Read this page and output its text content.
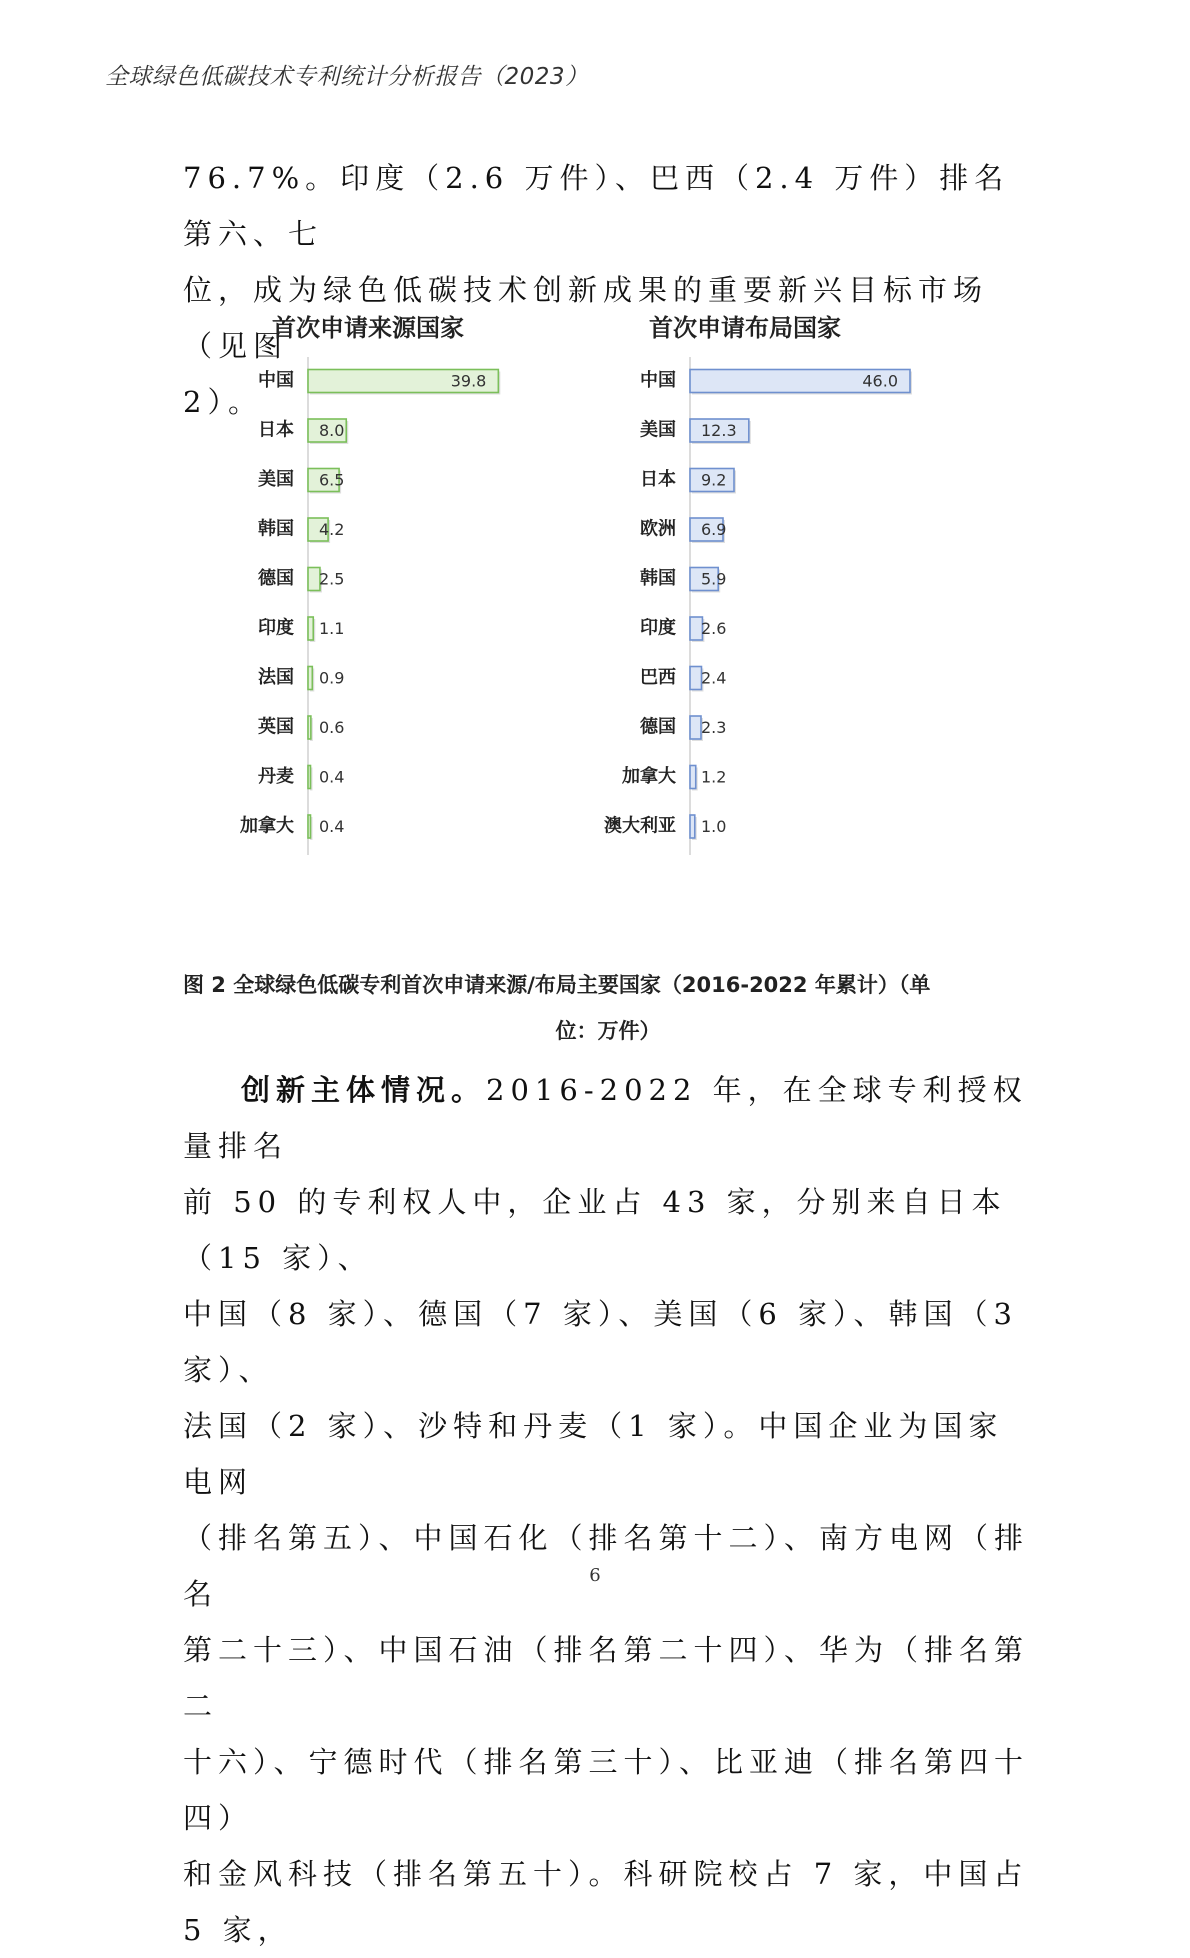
全球绿色低碳技术专利统计分析报告（2023）

76.7%。印度（2.6 万件）、巴西（2.4 万件）排名第六、七

位，成为绿色低碳技术创新成果的重要新兴目标市场（见图

2）。

首次申请来源国家
中国	39.8
日本 8.0
美国 6.5
韩国 4.2
德国 2.5
印度 1.1
法国 0.9
英国 0.6
丹麦 0.4
加拿大 0.4
首次申请布局国家
中国	46.0
美国 12.3
日本 9.2
欧洲 6.9
韩国 5.9
印度 2.6
巴西 2.4
德国 2.3
加拿大 1.2
澳大利亚 1.0
图 2 全球绿色低碳专利首次申请来源/布局主要国家（2016-2022 年累计）（单
位：万件）

创新主体情况。2016-2022 年，在全球专利授权量排名

前 50 的专利权人中，企业占 43 家，分别来自日本（15 家）、

中国（8 家）、德国（7 家）、美国（6 家）、韩国（3 家）、

法国（2 家）、沙特和丹麦（1 家）。中国企业为国家电网

（排名第五）、中国石化（排名第十二）、南方电网（排名

第二十三）、中国石油（排名第二十四）、华为（排名第二

十六）、宁德时代（排名第三十）、比亚迪（排名第四十四）

和金风科技（排名第五十）。科研院校占 7 家，中国占 5 家，

6
